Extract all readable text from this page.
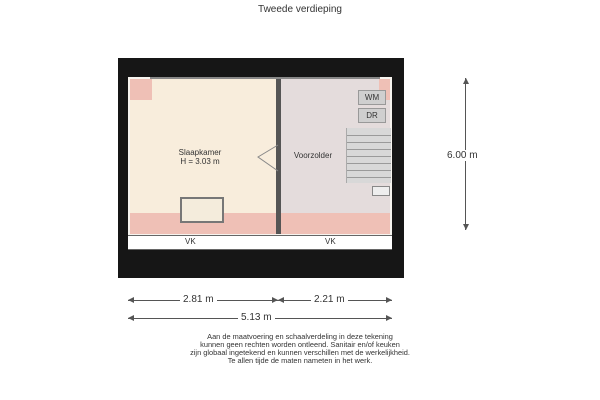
Tweede verdieping
Slaapkamer
H = 3.03 m
Voorzolder
WM
DR
VK	VK
6.00 m
2.81 m	2.21 m
5.13 m
Aan de maatvoering en schaalverdeling in deze tekening
kunnen geen rechten worden ontleend. Sanitair en/of keuken
zijn globaal ingetekend en kunnen verschillen met de werkelijkheid.
Te allen tijde de maten nameten in het werk.
